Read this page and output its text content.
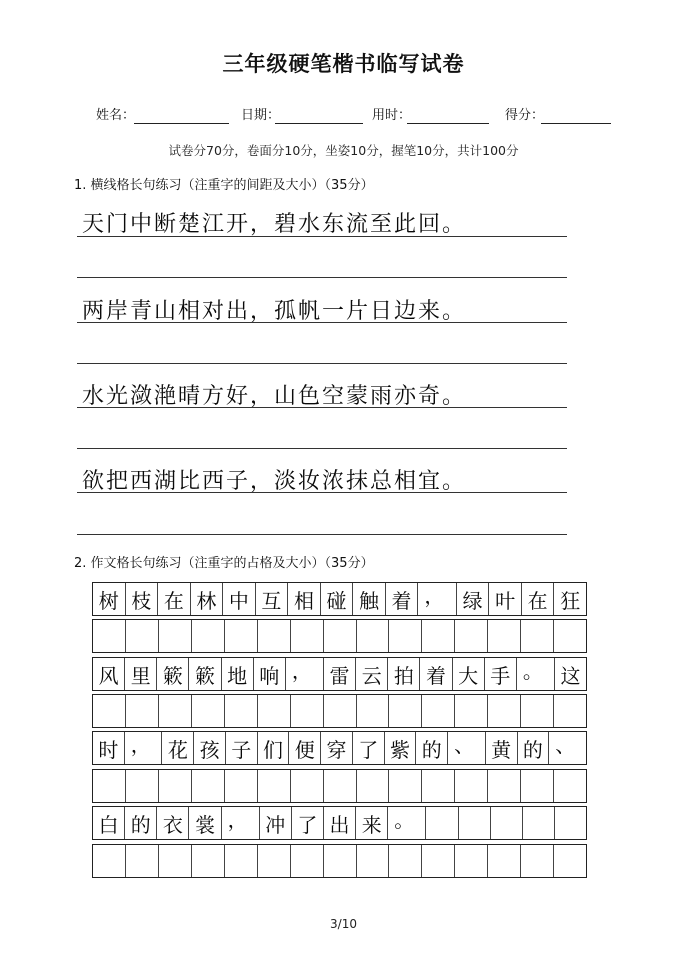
三年级硬笔楷书临写试卷
姓名：	日期：	用时：	得分：
试卷分70分，卷面分10分，坐姿10分，握笔10分，共计100分
1. 横线格长句练习（注重字的间距及大小）（35分）
天门中断楚江开，碧水东流至此回。
两岸青山相对出，孤帆一片日边来。
水光潋滟晴方好，山色空蒙雨亦奇。
欲把西湖比西子，淡妆浓抹总相宜。
2. 作文格长句练习（注重字的占格及大小）（35分）
树 枝 在 林 中 互 相 碰 触 着 ， 绿 叶 在 狂
风 里 簌 簌 地 响 ， 雷 云 拍 着 大 手 。 这
时 ， 花 孩 子 们 便 穿 了 紫 的 、 黄 的 、
白 的 衣 裳 ， 冲 了 出 来 。
3/10
